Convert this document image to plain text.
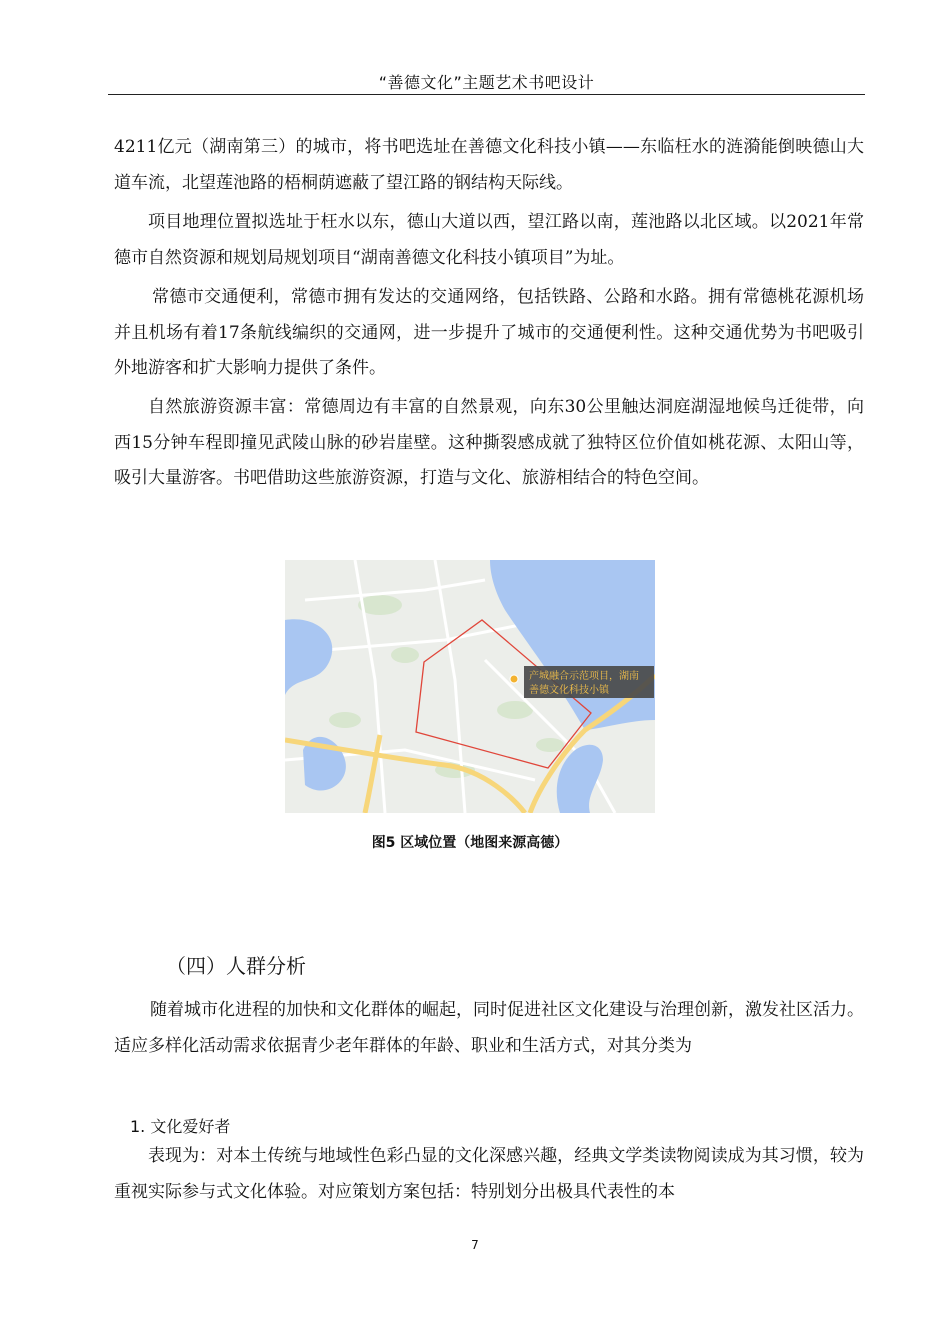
“善德文化”主题艺术书吧设计

4211亿元（湖南第三）的城市，将书吧选址在善德文化科技小镇——东临枉水的涟漪能倒映德山大道车流，北望莲池路的梧桐荫遮蔽了望江路的钢结构天际线。

项目地理位置拟选址于枉水以东，德山大道以西，望江路以南，莲池路以北区域。以2021年常德市自然资源和规划局规划项目“湖南善德文化科技小镇项目”为址。

常德市交通便利，常德市拥有发达的交通网络，包括铁路、公路和水路。拥有常德桃花源机场并且机场有着17条航线编织的交通网，进一步提升了城市的交通便利性。这种交通优势为书吧吸引外地游客和扩大影响力提供了条件。

自然旅游资源丰富：常德周边有丰富的自然景观，向东30公里触达洞庭湖湿地候鸟迁徙带，向西15分钟车程即撞见武陵山脉的砂岩崖壁。这种撕裂感成就了独特区位价值如桃花源、太阳山等，吸引大量游客。书吧借助这些旅游资源，打造与文化、旅游相结合的特色空间。

产城融合示范项目，湖南
善德文化科技小镇
图5 区域位置（地图来源高德）
（四）人群分析

随着城市化进程的加快和文化群体的崛起，同时促进社区文化建设与治理创新，激发社区活力。适应多样化活动需求依据青少老年群体的年龄、职业和生活方式，对其分类为

1. 文化爱好者

表现为：对本土传统与地域性色彩凸显的文化深感兴趣，经典文学类读物阅读成为其习惯，较为重视实际参与式文化体验。对应策划方案包括：特别划分出极具代表性的本

7
